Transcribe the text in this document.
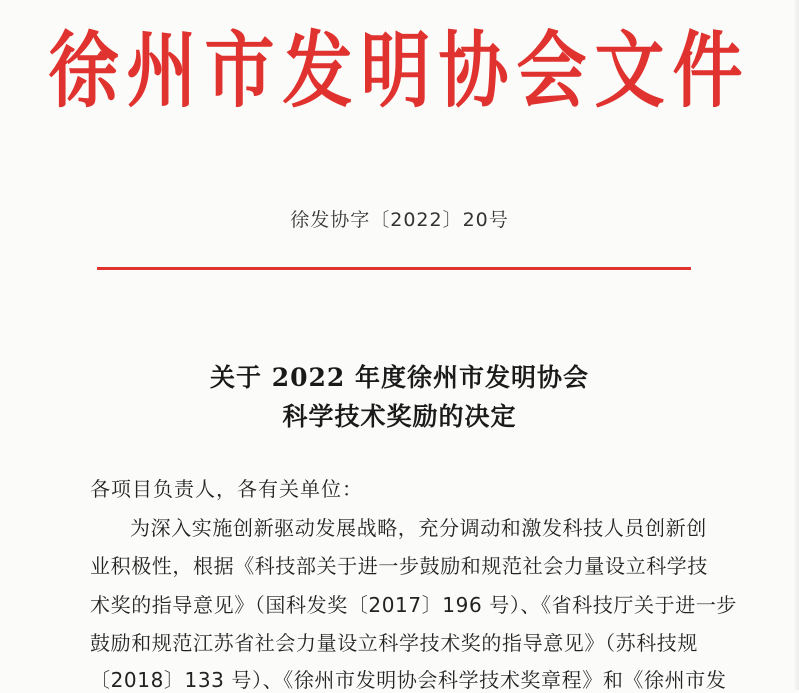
徐州市发明协会文件
徐发协字〔2022〕20号
关于 2022 年度徐州市发明协会
科学技术奖励的决定
各项目负责人，各有关单位：
为深入实施创新驱动发展战略，充分调动和激发科技人员创新创
业积极性，根据《科技部关于进一步鼓励和规范社会力量设立科学技
术奖的指导意见》（国科发奖〔2017〕196 号）、《省科技厅关于进一步
鼓励和规范江苏省社会力量设立科学技术奖的指导意见》（苏科技规
〔2018〕133 号）、《徐州市发明协会科学技术奖章程》和《徐州市发
